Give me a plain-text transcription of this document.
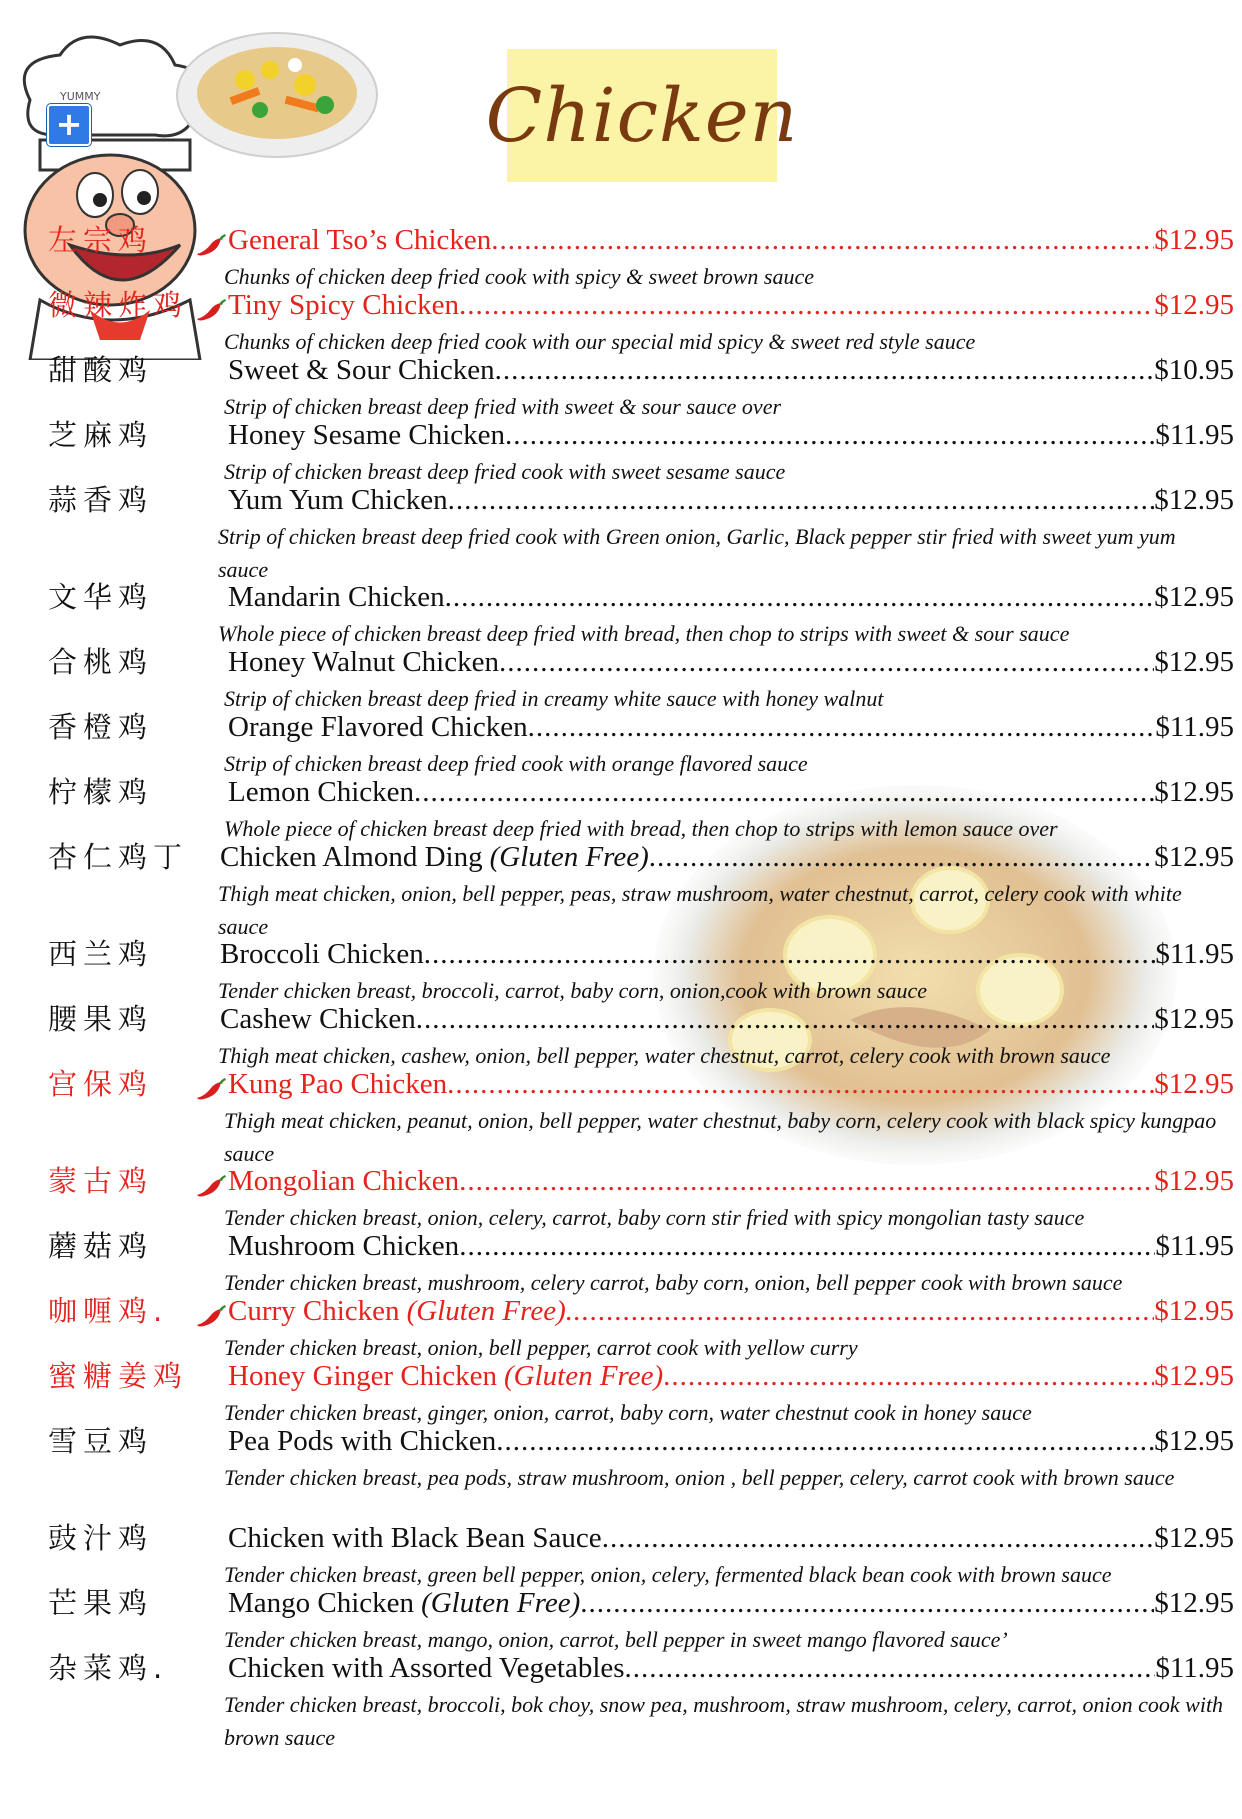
YUMMY
+	Chicken
左宗鸡	General Tso’s Chicken .....	$12.95
Chunks of chicken deep fried cook with spicy & sweet brown sauce
微辣炸鸡 Tiny Spicy Chicken .....	$12.95
Chunks of chicken deep fried cook with our special mid spicy & sweet red style sauce
甜酸鸡	Sweet & Sour Chicken .....	$10.95
Strip of chicken breast deep fried with sweet & sour sauce over
芝麻鸡	Honey Sesame Chicken .....	$11.95
Strip of chicken breast deep fried cook with sweet sesame sauce
蒜香鸡	Yum Yum Chicken .....	$12.95
Strip of chicken breast deep fried cook with Green onion, Garlic, Black pepper stir fried with sweet yum yum sauce
文华鸡	Mandarin Chicken .....	$12.95
Whole piece of chicken breast deep fried with bread, then chop to strips with sweet & sour sauce
合桃鸡	Honey Walnut Chicken .....	$12.95
Strip of chicken breast deep fried in creamy white sauce with honey walnut
香橙鸡	Orange Flavored Chicken .....	$11.95
Strip of chicken breast deep fried cook with orange flavored sauce
柠檬鸡	Lemon Chicken .....	$12.95
Whole piece of chicken breast deep fried with bread, then chop to strips with lemon sauce over
杏仁鸡丁 Chicken Almond Ding (Gluten Free) .....	$12.95
Thigh meat chicken, onion, bell pepper, peas, straw mushroom, water chestnut, carrot, celery cook with white sauce
西兰鸡 Broccoli Chicken .....	$11.95
Tender chicken breast, broccoli, carrot, baby corn, onion,cook with brown sauce
腰果鸡 Cashew Chicken .....	$12.95
Thigh meat chicken, cashew, onion, bell pepper, water chestnut, carrot, celery cook with brown sauce
宫保鸡	Kung Pao Chicken .....	$12.95
Thigh meat chicken, peanut, onion, bell pepper, water chestnut, baby corn, celery cook with black spicy kungpao sauce
蒙古鸡	Mongolian Chicken .....	$12.95
Tender chicken breast, onion, celery, carrot, baby corn stir fried with spicy mongolian tasty sauce
蘑菇鸡	Mushroom Chicken .....	$11.95
Tender chicken breast, mushroom, celery carrot, baby corn, onion, bell pepper cook with brown sauce
咖喱鸡. Curry Chicken (Gluten Free). .....	$12.95
Tender chicken breast, onion, bell pepper, carrot cook with yellow curry
蜜糖姜鸡 Honey Ginger Chicken (Gluten Free) .....	$12.95
Tender chicken breast, ginger, onion, carrot, baby corn, water chestnut cook in honey sauce
雪豆鸡	Pea Pods with Chicken .....	$12.95
Tender chicken breast, pea pods, straw mushroom, onion , bell pepper, celery, carrot cook with brown sauce
豉汁鸡	Chicken with Black Bean Sauce .....	$12.95
Tender chicken breast, green bell pepper, onion, celery, fermented black bean cook with brown sauce
芒果鸡	Mango Chicken (Gluten Free) .....	$12.95
Tender chicken breast, mango, onion, carrot, bell pepper in sweet mango flavored sauce’
杂菜鸡. Chicken with Assorted Vegetables .....	$11.95
Tender chicken breast, broccoli, bok choy, snow pea, mushroom, straw mushroom, celery, carrot, onion cook with brown sauce
